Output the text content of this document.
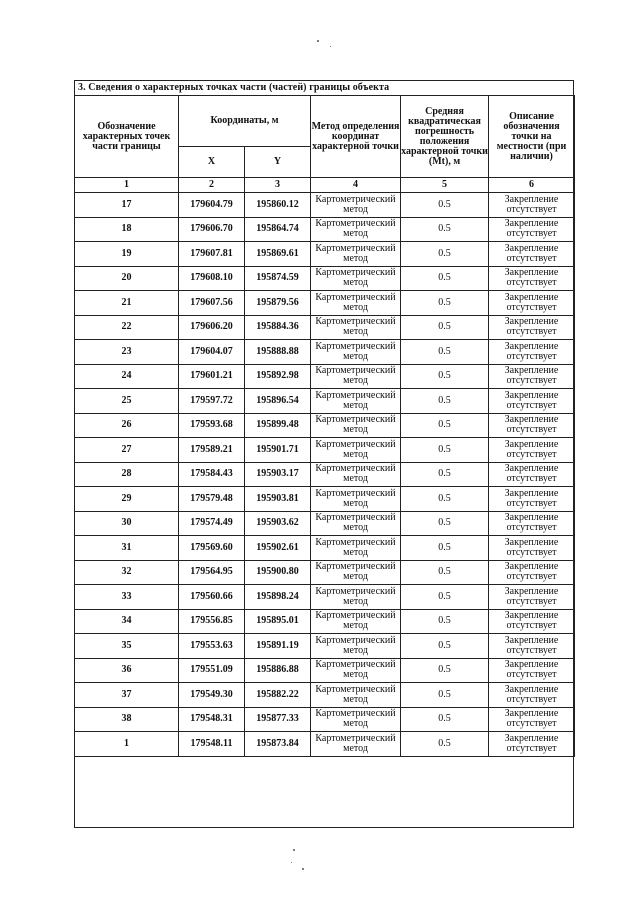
3. Сведения о характерных точках части (частей) границы объекта
Обозначение характерных точек части границы	Координаты, м		Метод определения координат характерной точки	Средняя квадратическая погрешность положения характерной точки (Mt), м	Описание обозначения точки на местности (при наличии)
	X	Y			
1	2	3	4	5	6
17	179604.79	195860.12	Картометрический метод	0.5	Закрепление отсутствует
18	179606.70	195864.74	Картометрический метод	0.5	Закрепление отсутствует
19	179607.81	195869.61	Картометрический метод	0.5	Закрепление отсутствует
20	179608.10	195874.59	Картометрический метод	0.5	Закрепление отсутствует
21	179607.56	195879.56	Картометрический метод	0.5	Закрепление отсутствует
22	179606.20	195884.36	Картометрический метод	0.5	Закрепление отсутствует
23	179604.07	195888.88	Картометрический метод	0.5	Закрепление отсутствует
24	179601.21	195892.98	Картометрический метод	0.5	Закрепление отсутствует
25	179597.72	195896.54	Картометрический метод	0.5	Закрепление отсутствует
26	179593.68	195899.48	Картометрический метод	0.5	Закрепление отсутствует
27	179589.21	195901.71	Картометрический метод	0.5	Закрепление отсутствует
28	179584.43	195903.17	Картометрический метод	0.5	Закрепление отсутствует
29	179579.48	195903.81	Картометрический метод	0.5	Закрепление отсутствует
30	179574.49	195903.62	Картометрический метод	0.5	Закрепление отсутствует
31	179569.60	195902.61	Картометрический метод	0.5	Закрепление отсутствует
32	179564.95	195900.80	Картометрический метод	0.5	Закрепление отсутствует
33	179560.66	195898.24	Картометрический метод	0.5	Закрепление отсутствует
34	179556.85	195895.01	Картометрический метод	0.5	Закрепление отсутствует
35	179553.63	195891.19	Картометрический метод	0.5	Закрепление отсутствует
36	179551.09	195886.88	Картометрический метод	0.5	Закрепление отсутствует
37	179549.30	195882.22	Картометрический метод	0.5	Закрепление отсутствует
38	179548.31	195877.33	Картометрический метод	0.5	Закрепление отсутствует
1	179548.11	195873.84	Картометрический метод	0.5	Закрепление отсутствует
